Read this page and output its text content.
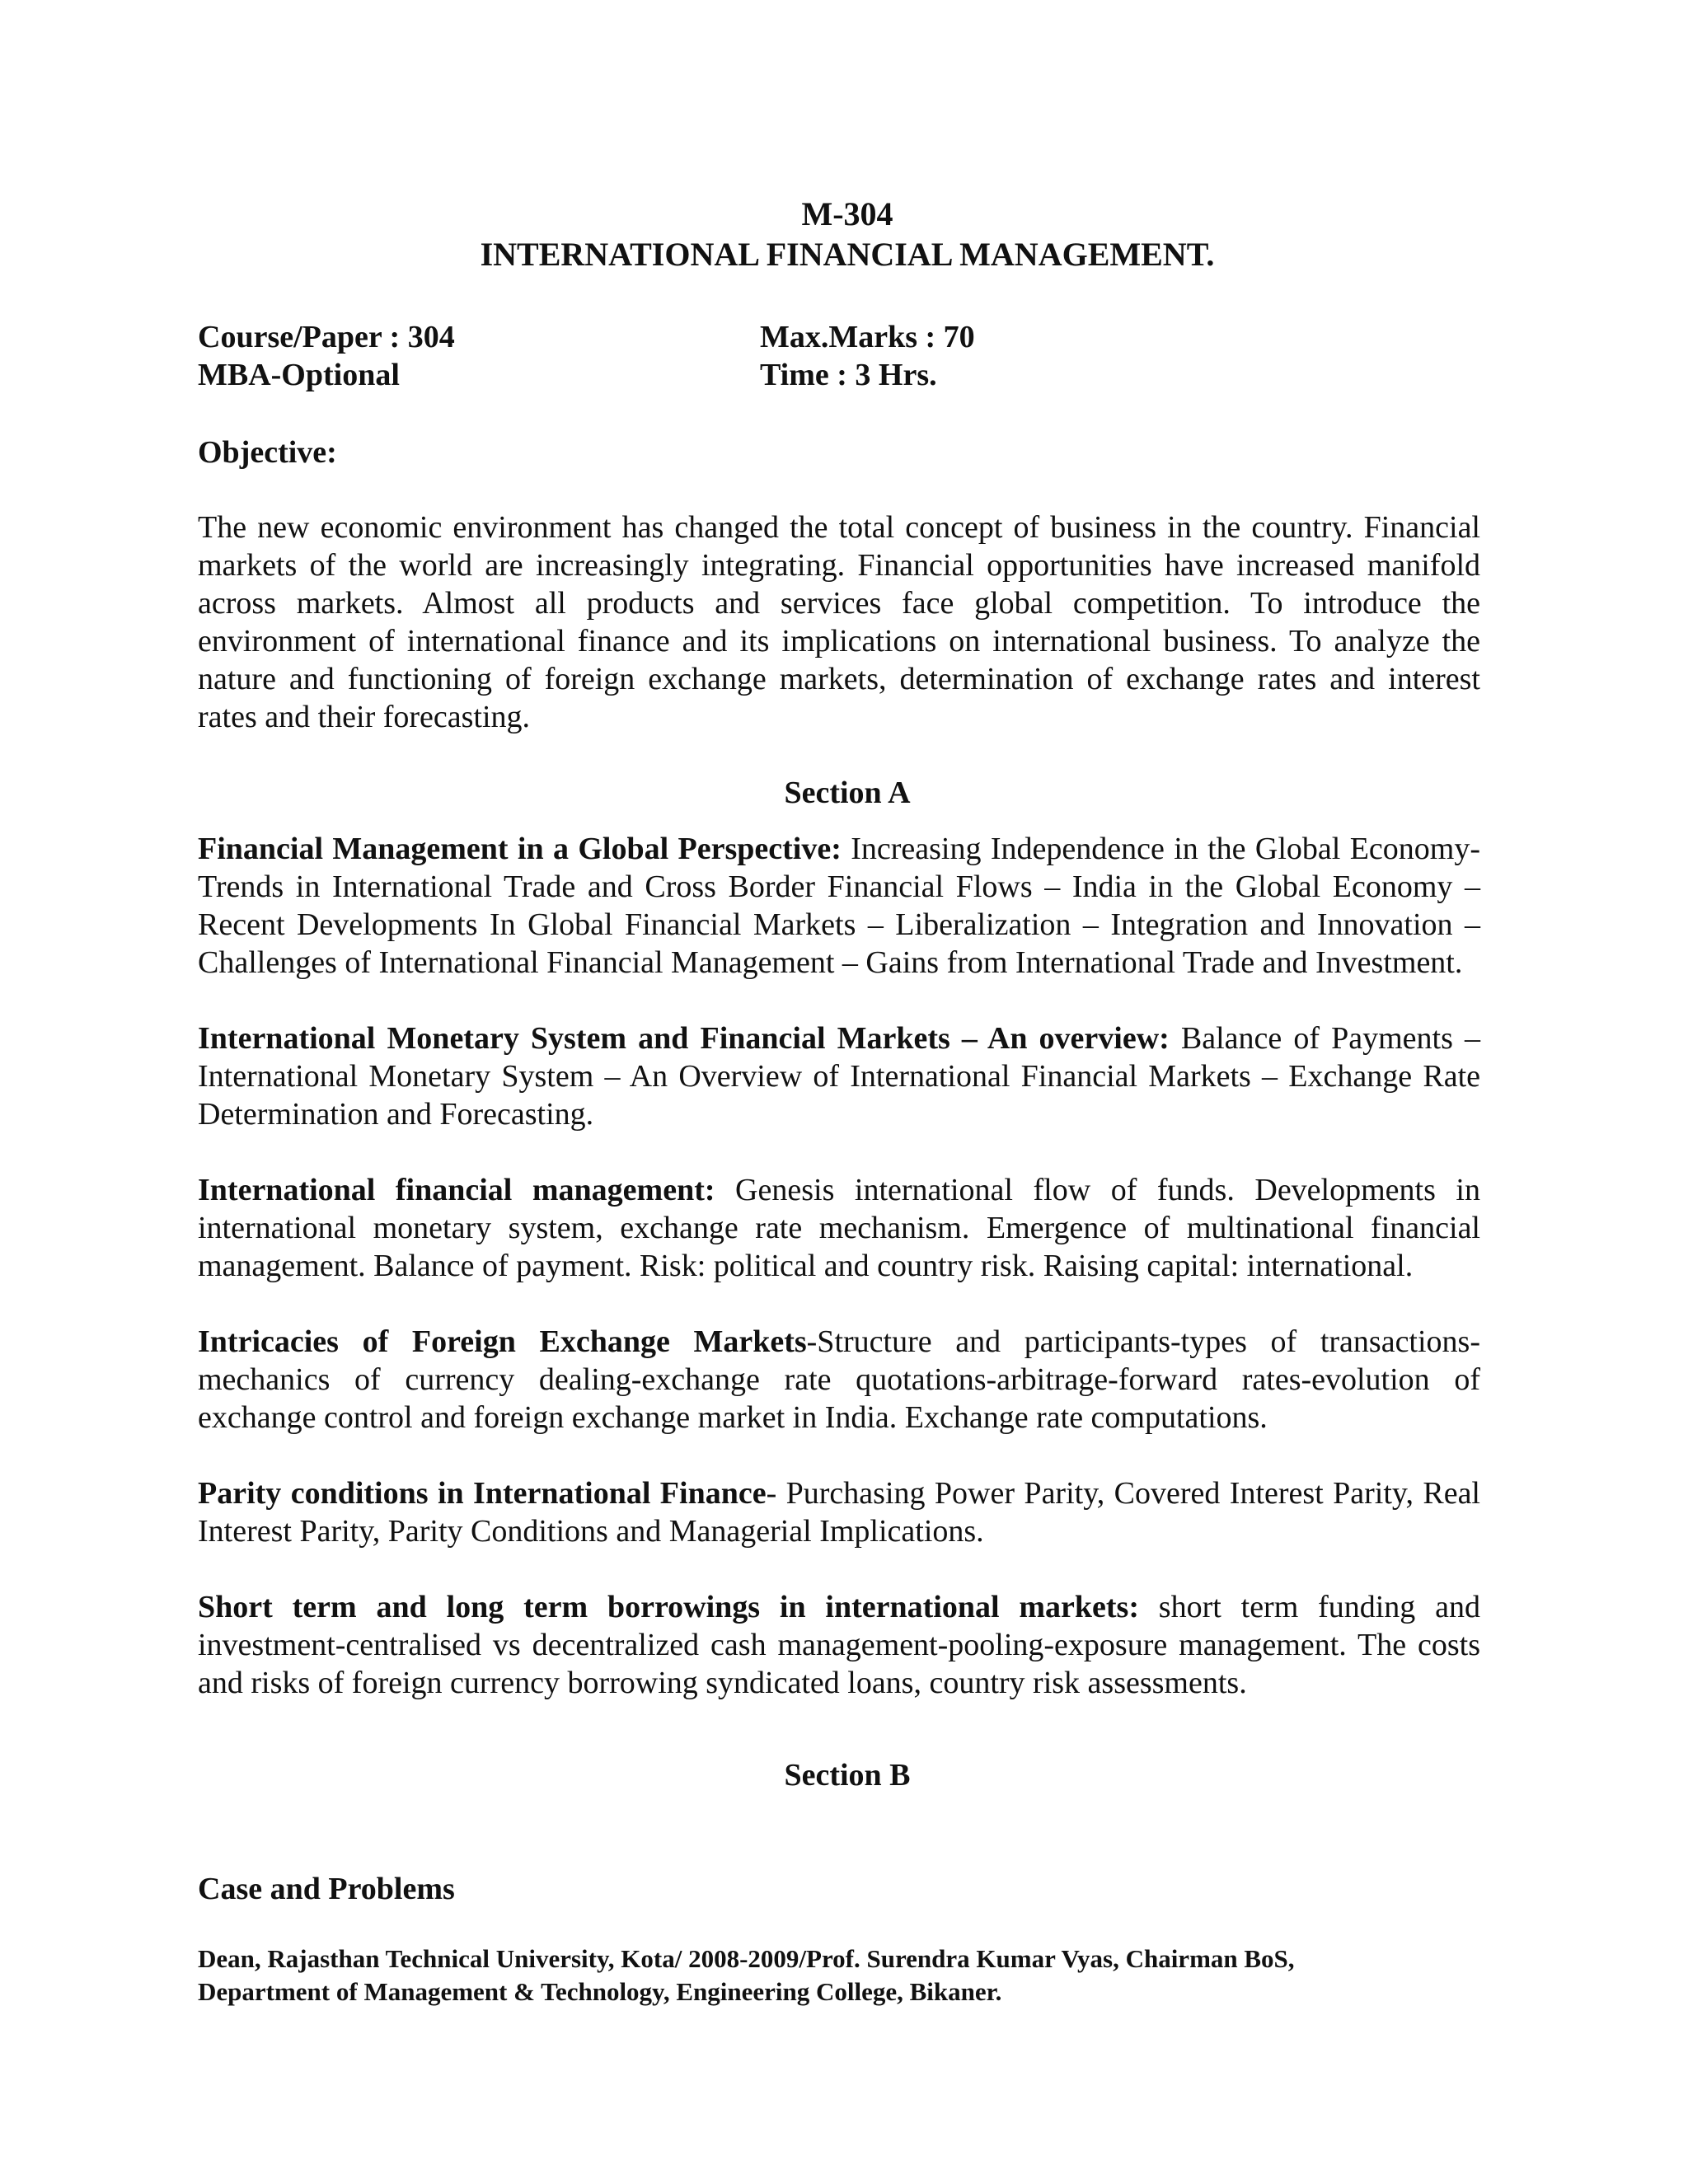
M-304
INTERNATIONAL FINANCIAL MANAGEMENT.
Course/Paper : 304	Max.Marks : 70
MBA-Optional	Time : 3 Hrs.
Objective:
The new economic environment has changed the total concept of business in the country. Financial markets of the world are increasingly integrating. Financial opportunities have increased manifold across markets. Almost all products and services face global competition. To introduce the environment of international finance and its implications on international business. To analyze the nature and functioning of foreign exchange markets, determination of exchange rates and interest rates and their forecasting.
Section A
Financial Management in a Global Perspective: Increasing Independence in the Global Economy-Trends in International Trade and Cross Border Financial Flows – India in the Global Economy – Recent Developments In Global Financial Markets – Liberalization – Integration and Innovation – Challenges of International Financial Management – Gains from International Trade and Investment.
International Monetary System and Financial Markets – An overview: Balance of Payments – International Monetary System – An Overview of International Financial Markets – Exchange Rate Determination and Forecasting.
International financial management: Genesis international flow of funds. Developments in international monetary system, exchange rate mechanism. Emergence of multinational financial management. Balance of payment. Risk: political and country risk. Raising capital: international.
Intricacies of Foreign Exchange Markets-Structure and participants-types of transactions-mechanics of currency dealing-exchange rate quotations-arbitrage-forward rates-evolution of exchange control and foreign exchange market in India. Exchange rate computations.
Parity conditions in International Finance- Purchasing Power Parity, Covered Interest Parity, Real Interest Parity, Parity Conditions and Managerial Implications.
Short term and long term borrowings in international markets: short term funding and investment-centralised vs decentralized cash management-pooling-exposure management. The costs and risks of foreign currency borrowing syndicated loans, country risk assessments.
Section B
Case and Problems
Dean, Rajasthan Technical University, Kota/ 2008-2009/Prof. Surendra Kumar Vyas, Chairman BoS,
Department of Management & Technology, Engineering College, Bikaner.
